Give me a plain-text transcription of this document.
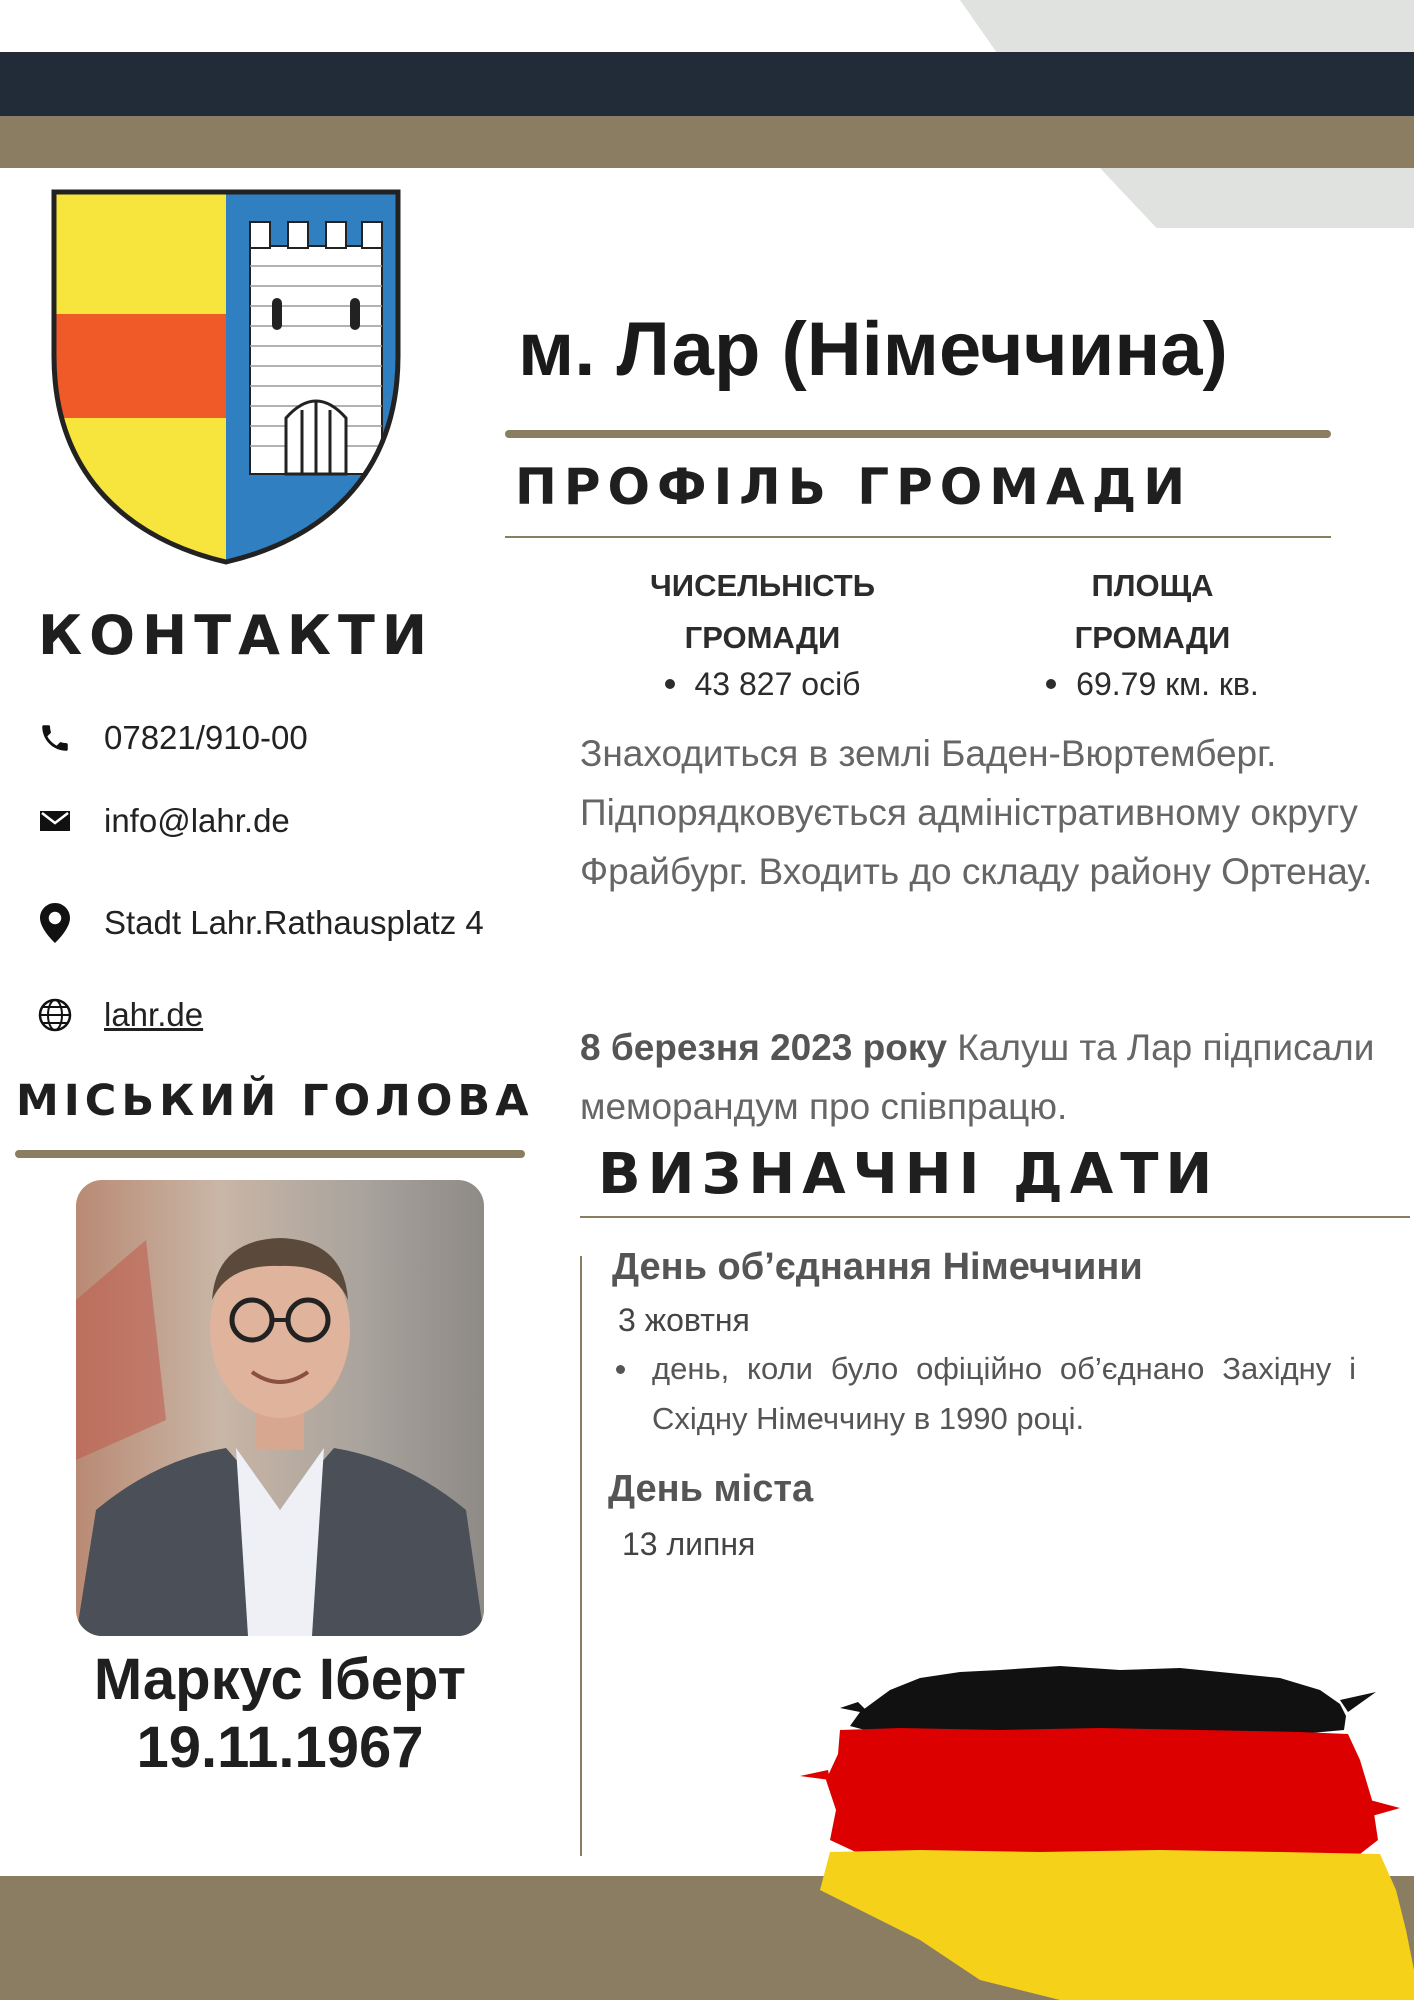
м. Лар (Німеччина)
ПРОФІЛЬ ГРОМАДИ
ЧИСЕЛЬНІСТЬ
ГРОМАДИ
43 827 осіб
ПЛОЩА
ГРОМАДИ
69.79 км. кв.
Знаходиться в землі Баден-Вюртемберг. Підпорядковується адміністративному округу Фрайбург. Входить до складу району Ортенау.
8 березня 2023 року Калуш та Лар підписали меморандум про співпрацю.
КОНТАКТИ
07821/910-00
info@lahr.de
Stadt Lahr.Rathausplatz 4
lahr.de
МІСЬКИЙ ГОЛОВА
Маркус Іберт
19.11.1967
ВИЗНАЧНІ ДАТИ
День об’єднання Німеччини
3 жовтня
день, коли було офіційно об’єднано Західну і Східну Німеччину в 1990 році.
День міста
13 липня
